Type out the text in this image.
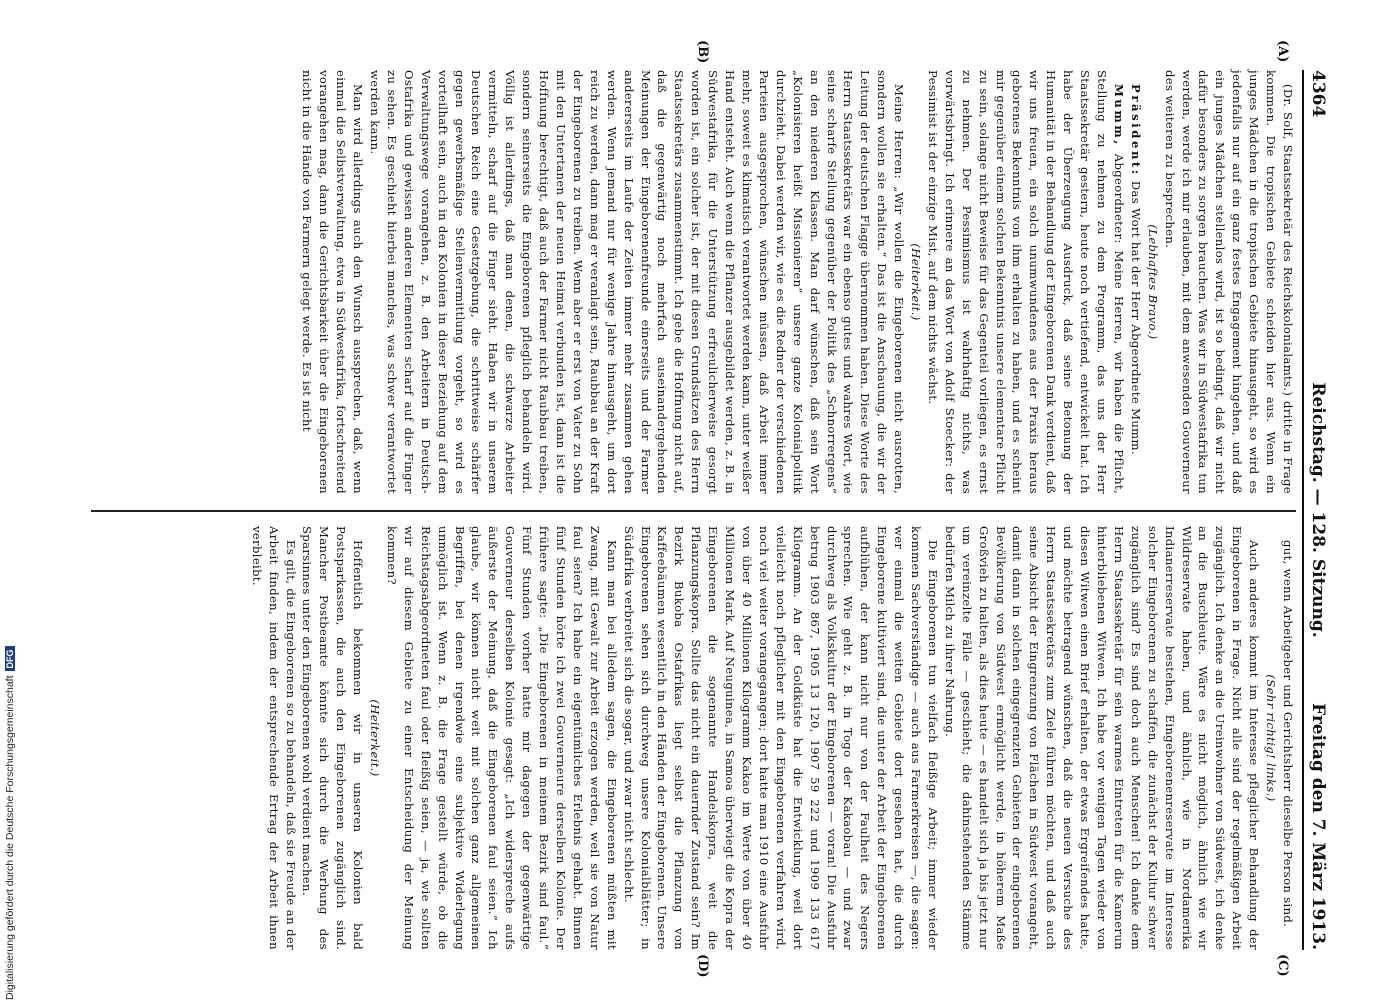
4364
Reichstag. — 128. Sitzung.
Freitag den 7. März 1913.
(A)
(B)
(C)
(D)

(Dr. Solf, Staatssekretär des Reichskolonialamts.) dritte in Frage kommen. Die tropischen Gebiete scheiden hier aus. Wenn ein junges Mädchen in die tropischen Gebiete hinausgeht, so wird es jedenfalls nur auf ein ganz festes Engagement hingehen, und daß ein junges Mädchen stellenlos wird, ist so bedingt, daß wir nicht dafür besonders zu sorgen brauchen. Was wir in Südwestafrika tun werden, werde ich mir erlauben, mit dem anwesenden Gouverneur des weiteren zu besprechen.

(Lebhaftes Bravo.)

Präsident: Das Wort hat der Herr Abgeordnete Mumm.

Mumm, Abgeordneter: Meine Herren, wir haben die Pflicht, Stellung zu nehmen zu dem Programm, das uns der Herr Staatssekretär gestern, heute noch vertiefend, entwickelt hat. Ich habe der Überzeugung Ausdruck, daß seine Betonung der Humanität in der Behandlung der Eingeborenen Dank verdient, daß wir uns freuen, ein solch unumwundenes aus der Praxis heraus geborenes Bekenntnis von ihm erhalten zu haben, und es scheint mir gegenüber einem solchen Bekenntnis unsere elementare Pflicht zu sein, solange nicht Beweise für das Gegenteil vorliegen, es ernst zu nehmen. Der Pessimismus ist wahrhaftig nichts, was vorwärtsbringt. Ich erinnere an das Wort von Adolf Stoecker: der Pessimist ist der einzige Mist, auf dem nichts wächst.

(Heiterkeit.)

Meine Herren: „Wir wollen die Eingeborenen nicht ausrotten, sondern wollen sie erhalten.“ Das ist die Anschauung, die wir der Leitung der deutschen Flagge übernommen haben. Diese Worte des Herrn Staatssekretärs war ein ebenso gutes und wahres Wort, wie seine scharfe Stellung gegenüber der Politik des „Schnorrergens“ an den niederen Klassen. Man darf wünschen, daß sein Wort „Kolonisieren heißt Missionieren“ unsere ganze Kolonialpolitik durchzieht. Dabei werden wir, wie es die Redner der verschiedenen Parteien ausgesprochen, wünschen müssen, daß Arbeit immer mehr, soweit es klimatisch verantwortet werden kann, unter weißer Hand entsteht. Auch wenn die Pflanzer ausgebildet werden, z. B. in Südwestafrika, für die Unterstützung erfreulicherweise gesorgt worden ist, ein solcher ist, der mit diesen Grundsätzen des Herrn Staatssekretärs zusammenstimmt. Ich gebe die Hoffnung nicht auf, daß die gegenwärtig noch mehrfach auseinandergehenden Meinungen der Eingeborenenfreunde einerseits und der Farmer andererseits im Laufe der Zeiten immer mehr zusammen gehen werden. Wenn jemand nur für wenige Jahre hinausgeht, um dort reich zu werden, dann mag er veranlagt sein, Raubbau an der Kraft der Eingeborenen zu treiben. Wenn aber er erst von Vater zu Sohn mit den Untertanen der neuen Heimat verbunden ist, dann ist die Hoffnung berechtigt, daß auch der Farmer nicht Raubbau treiben, sondern seinerseits die Eingeborenen pfleglich behandeln wird. Völlig ist allerdings, daß man denen, die schwarze Arbeiter vermitteln, scharf auf die Finger sieht. Haben wir in unserem Deutschen Reich eine Gesetzgebung, die schrittweise schärfer gegen gewerbsmäßige Stellenvermittlung vorgeht, so wird es vorteilhaft sein, auch in den Kolonien in dieser Beziehung auf dem Verwaltungswege vorangehen, z. B. den Arbeitern in Deutsch-Ostafrika und gewissen anderen Elementen scharf auf die Finger zu sehen. Es geschieht hierbei manches, was schwer verantwortet werden kann.

Man wird allerdings auch den Wunsch aussprechen, daß, wenn einmal die Selbstverwaltung, etwa in Südwestafrika, fortschreitend vorangehen mag, dann die Gerichtsbarkeit über die Eingeborenen nicht in die Hände von Farmern gelegt werde. Es ist nicht

gut, wenn Arbeitgeber und Gerichtsherr dieselbe Person sind.

(Sehr richtig! links.)

Auch anderes kommt im Interesse pfleglicher Behandlung der Eingeborenen in Frage. Nicht alle sind der regelmäßigen Arbeit zugänglich. Ich denke an die Ureinwohner von Südwest, ich denke an die Buschleute. Wäre es nicht möglich, ähnlich wie wir Wildreservate haben, und ähnlich, wie in Nordamerika Indianerreservate bestehen, Eingeborenenreservate im Interesse solcher Eingeborenen zu schaffen, die zunächst der Kultur schwer zugänglich sind? Es sind doch auch Menschen! Ich danke dem Herrn Staatssekretär für sein warmes Eintreten für die Kamerun hinterbliebenen Witwen. Ich habe vor wenigen Tagen wieder von diesen Witwen einen Brief erhalten, der etwas Ergreifendes hatte, und möchte betragend wünschen, daß die neuen Versuche des Herrn Staatssekretärs zum Ziele führen möchten, und daß auch seine Absicht der Eingrenzung von Flächen in Südwest vorangeht, damit dann in solchen eingegrenzten Gebieten der eingeborenen Bevölkerung von Südwest ermöglicht werde, in höherem Maße Großvieh zu halten, als dies heute — es handelt sich ja bis jetzt nur um vereinzelte Fälle — geschieht; die dahinstehenden Stämme bedürfen Milch zu ihrer Nahrung.

Die Eingeborenen tun vielfach fleißige Arbeit; immer wieder kommen Sachverständige — auch aus Farmerkreisen —, die sagen: wer einmal die weiten Gebiete dort gesehen hat, die durch Eingeborene kultiviert sind, die unter der Arbeit der Eingeborenen aufblühen, der kann nicht nur von der Faulheit des Negers sprechen. Wie geht z. B. in Togo der Kakaobau — und zwar durchweg als Volkskultur der Eingeborenen — voran! Die Ausfuhr betrug 1903 867, 1905 13 120, 1907 59 222 und 1909 133 617 Kilogramm. An der Goldküste hat die Entwicklung, weil dort vielleicht noch pfleglicher mit den Eingeborenen verfahren wird, noch viel weiter vorangegangen; dort hatte man 1910 eine Ausfuhr von über 40 Millionen Kilogramm Kakao im Werte von über 40 Millionen Mark. Auf Neuguinea, in Samoa überwiegt die Kopra der Eingeborenen die sogenannte Handelskopra, weit die Pflanzungskopra. Sollte das nicht ein dauernder Zustand sein? Im Bezirk Bukoba Ostafrikas liegt selbst die Pflanzung von Kaffeebäumen wesentlich in den Händen der Eingeborenen. Unsere Eingeborenen sehen sich durchweg unsere Kolonialblätter; in Südafrika verbreitet sich die sogar, und zwar nicht schlecht.

Kann man bei alledem sagen, die Eingeborenen müßten mit Zwang, mit Gewalt zur Arbeit erzogen werden, weil sie von Natur faul seien? Ich habe ein eigentümliches Erlebnis gehabt. Binnen fünf Stunden hörte ich zwei Gouverneure derselben Kolonie. Der frühere sagte: „Die Eingeborenen in meinem Bezirk sind faul.“ Fünf Stunden vorher hatte mir dagegen der gegenwärtige Gouverneur derselben Kolonie gesagt: „Ich widerspreche aufs äußerste der Meinung, daß die Eingeborenen faul seien.“ Ich glaube, wir können nicht weit mit solchen ganz allgemeinen Begriffen, bei denen irgendwie eine subjektive Widerlegung unmöglich ist. Wenn z. B. die Frage gestellt würde, ob die Reichstagsabgeordneten faul oder fleißig seien, — ja, wie sollten wir auf diesem Gebiete zu einer Entscheidung der Meinung kommen?

(Heiterkeit.)

Hoffentlich bekommen wir in unseren Kolonien bald Postsparkassen, die auch den Eingeborenen zugänglich sind. Mancher Postbeamte könnte sich durch die Werbung des Sparsinnes unter den Eingeborenen wohl verdient machen.

Es gilt, die Eingeborenen so zu behandeln, daß sie Freude an der Arbeit finden, indem der entsprechende Ertrag der Arbeit ihnen verbleibt.

Digitalisierung gefördert durch die Deutsche ForschungsgemeinschaftDFG
